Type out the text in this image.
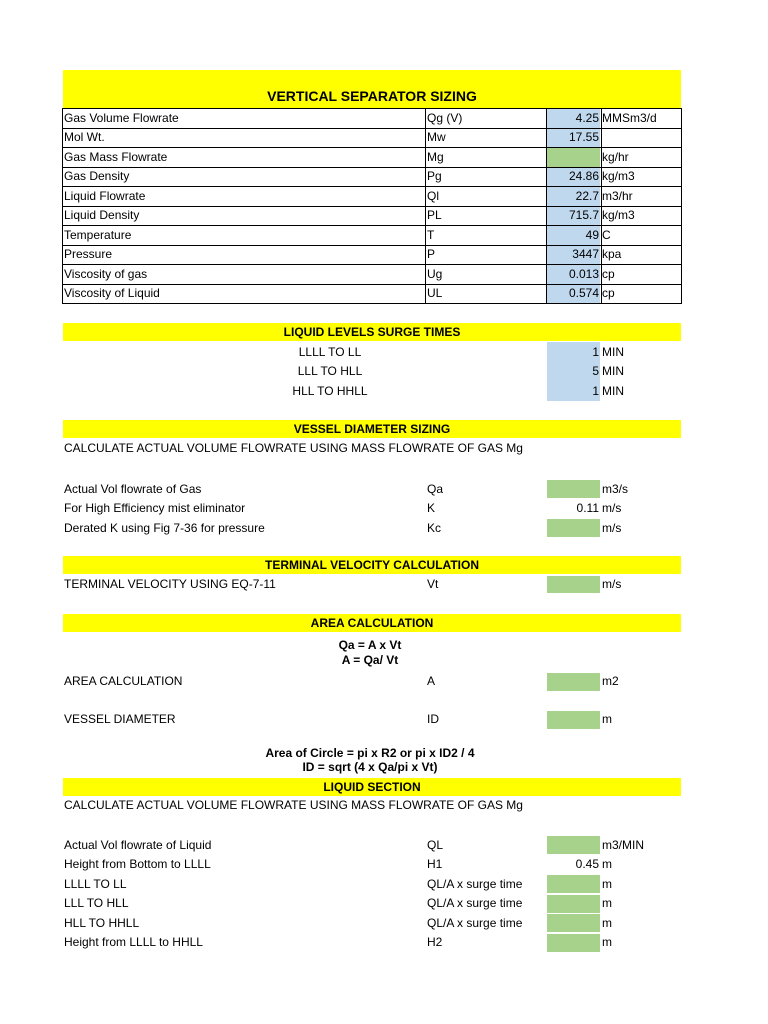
VERTICAL SEPARATOR SIZING
Gas Volume Flowrate	Qg (V)	4.25 MMSm3/d
Mol Wt.	Mw	17.55
Gas Mass Flowrate	Mg	kg/hr
Gas Density	Pg	24.86 kg/m3
Liquid Flowrate	Ql	22.7 m3/hr
Liquid Density	PL	715.7 kg/m3
Temperature	T	49 C
Pressure	P	3447 kpa
Viscosity of gas	Ug	0.013 cp
Viscosity of Liquid	UL	0.574 cp
LIQUID LEVELS SURGE TIMES
LLLL TO LL	1 MIN
LLL TO HLL	5 MIN
HLL TO HHLL	1 MIN
VESSEL DIAMETER SIZING
CALCULATE ACTUAL VOLUME FLOWRATE USING MASS FLOWRATE OF GAS Mg
Actual Vol flowrate of Gas	Qa	m3/s
For High Efficiency mist eliminator	K	0.11 m/s
Derated K using Fig 7-36 for pressure	Kc	m/s
TERMINAL VELOCITY CALCULATION
TERMINAL VELOCITY USING EQ-7-11	Vt	m/s
AREA CALCULATION
Qa = A x Vt
A = Qa/ Vt
AREA CALCULATION	A	m2
VESSEL DIAMETER	ID	m
Area of Circle = pi x R2 or pi x ID2 / 4
ID = sqrt (4 x Qa/pi x Vt)
LIQUID SECTION
CALCULATE ACTUAL VOLUME FLOWRATE USING MASS FLOWRATE OF GAS Mg
Actual Vol flowrate of Liquid	QL	m3/MIN
Height from Bottom to LLLL	H1	0.45 m
LLLL TO LL	QL/A x surge time	m
LLL TO HLL	QL/A x surge time	m
HLL TO HHLL	QL/A x surge time	m
Height from LLLL to HHLL	H2	m
